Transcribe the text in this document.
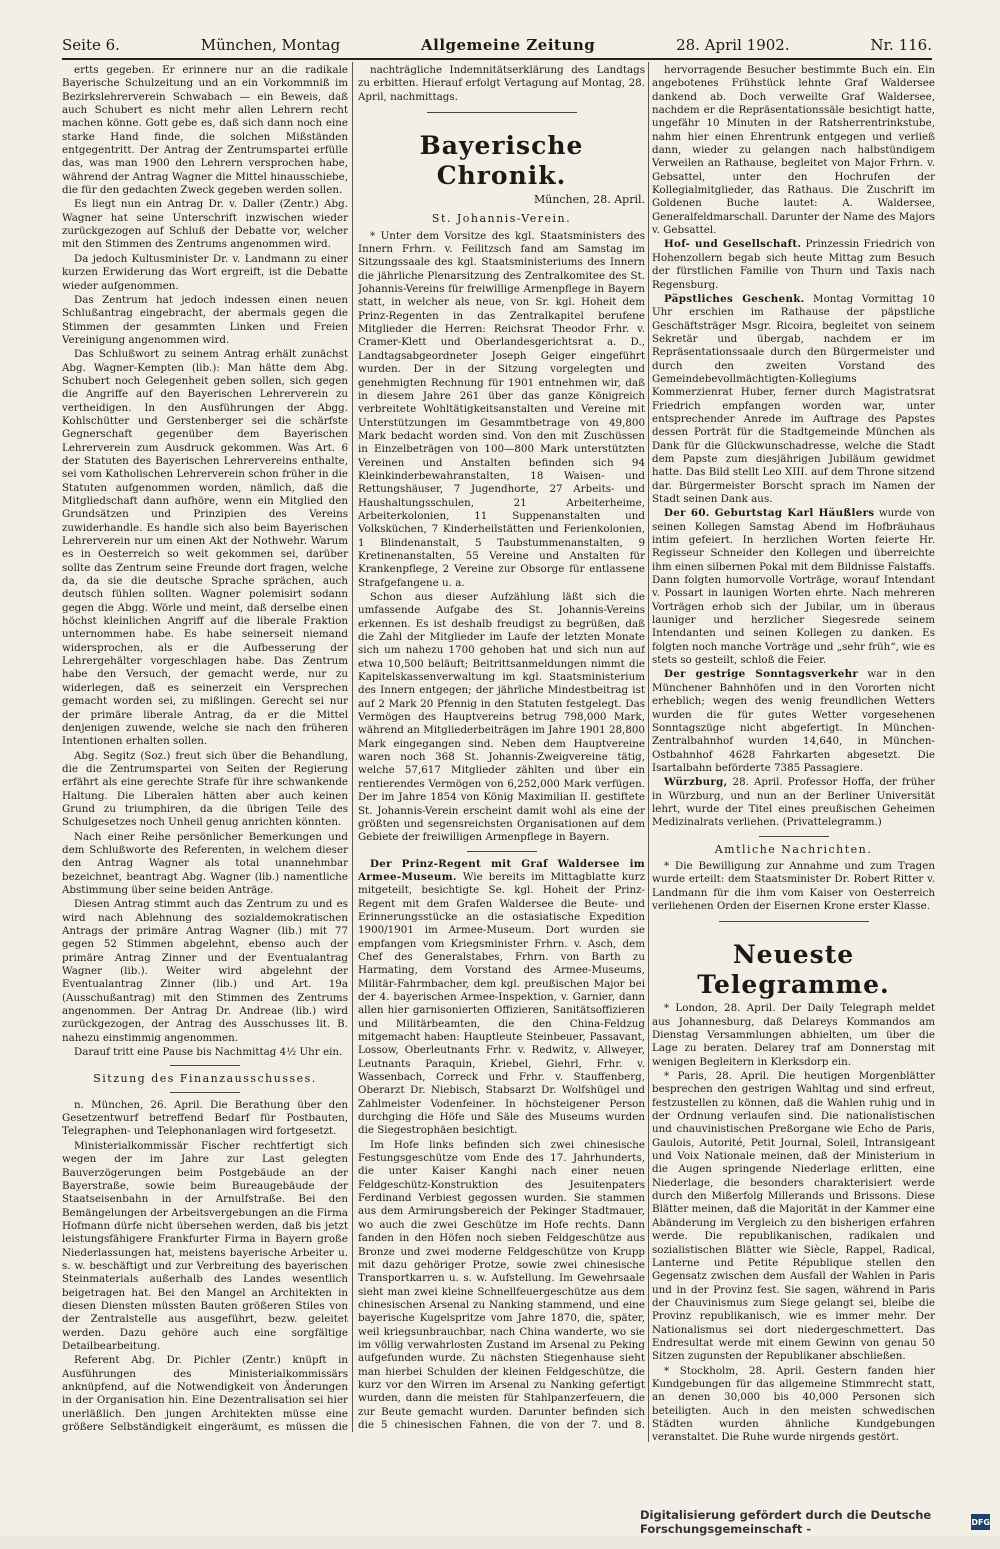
Seite 6.	München, Montag	Allgemeine Zeitung	28. April 1902.	Nr. 116.

ertts gegeben. Er erinnere nur an die radikale Bayerische Schulzeitung und an ein Vorkommniß im Bezirkslehrerverein Schwabach — ein Beweis, daß auch Schubert es nicht mehr allen Lehrern recht machen könne. Gott gebe es, daß sich dann noch eine starke Hand finde, die solchen Mißständen entgegentritt. Der Antrag der Zentrumspartei erfülle das, was man 1900 den Lehrern versprochen habe, während der Antrag Wagner die Mittel hinausschiebe, die für den gedachten Zweck gegeben werden sollen.

Es liegt nun ein Antrag Dr. v. Daller (Zentr.) Abg. Wagner hat seine Unterschrift inzwischen wieder zurückgezogen auf Schluß der Debatte vor, welcher mit den Stimmen des Zentrums angenommen wird.

Da jedoch Kultusminister Dr. v. Landmann zu einer kurzen Erwiderung das Wort ergreift, ist die Debatte wieder aufgenommen.

Das Zentrum hat jedoch indessen einen neuen Schlußantrag eingebracht, der abermals gegen die Stimmen der gesammten Linken und Freien Vereinigung angenommen wird.

Das Schlußwort zu seinem Antrag erhält zunächst Abg. Wagner-Kempten (lib.): Man hätte dem Abg. Schubert noch Gelegenheit geben sollen, sich gegen die Angriffe auf den Bayerischen Lehrerverein zu vertheidigen. In den Ausführungen der Abgg. Kohlschütter und Gerstenberger sei die schärfste Gegnerschaft gegenüber dem Bayerischen Lehrerverein zum Ausdruck gekommen. Was Art. 6 der Statuten des Bayerischen Lehrervereins enthalte, sei vom Katholischen Lehrerverein schon früher in die Statuten aufgenommen worden, nämlich, daß die Mitgliedschaft dann aufhöre, wenn ein Mitglied den Grundsätzen und Prinzipien des Vereins zuwiderhandle. Es handle sich also beim Bayerischen Lehrerverein nur um einen Akt der Nothwehr. Warum es in Oesterreich so weit gekommen sei, darüber sollte das Zentrum seine Freunde dort fragen, welche da, da sie die deutsche Sprache sprächen, auch deutsch fühlen sollten. Wagner polemisirt sodann gegen die Abgg. Wörle und meint, daß derselbe einen höchst kleinlichen Angriff auf die liberale Fraktion unternommen habe. Es habe seinerseit niemand widersprochen, als er die Aufbesserung der Lehrergehälter vorgeschlagen habe. Das Zentrum habe den Versuch, der gemacht werde, nur zu widerlegen, daß es seinerzeit ein Versprechen gemacht worden sei, zu mißlingen. Gerecht sei nur der primäre liberale Antrag, da er die Mittel denjenigen zuwende, welche sie nach den früheren Intentionen erhalten sollen.

Abg. Segitz (Soz.) freut sich über die Behandlung, die die Zentrumspartei von Seiten der Regierung erfährt als eine gerechte Strafe für ihre schwankende Haltung. Die Liberalen hätten aber auch keinen Grund zu triumphiren, da die übrigen Teile des Schulgesetzes noch Unheil genug anrichten könnten.

Nach einer Reihe persönlicher Bemerkungen und dem Schlußworte des Referenten, in welchem dieser den Antrag Wagner als total unannehmbar bezeichnet, beantragt Abg. Wagner (lib.) namentliche Abstimmung über seine beiden Anträge.

Diesen Antrag stimmt auch das Zentrum zu und es wird nach Ablehnung des sozialdemokratischen Antrags der primäre Antrag Wagner (lib.) mit 77 gegen 52 Stimmen abgelehnt, ebenso auch der primäre Antrag Zinner und der Eventualantrag Wagner (lib.). Weiter wird abgelehnt der Eventualantrag Zinner (lib.) und Art. 19a (Ausschußantrag) mit den Stimmen des Zentrums angenommen. Der Antrag Dr. Andreae (lib.) wird zurückgezogen, der Antrag des Ausschusses lit. B. nahezu einstimmig angenommen.

Darauf tritt eine Pause bis Nachmittag 4½ Uhr ein.

Sitzung des Finanzausschusses.

n. München, 26. April. Die Berathung über den Gesetzentwurf betreffend Bedarf für Postbauten, Telegraphen- und Telephonanlagen wird fortgesetzt.

Ministerialkommissär Fischer rechtfertigt sich wegen der im Jahre zur Last gelegten Bauverzögerungen beim Postgebäude an der Bayerstraße, sowie beim Bureaugebäude der Staatseisenbahn in der Arnulfstraße. Bei den Bemängelungen der Arbeitsvergebungen an die Firma Hofmann dürfe nicht übersehen werden, daß bis jetzt leistungsfähigere Frankfurter Firma in Bayern große Niederlassungen hat, meistens bayerische Arbeiter u. s. w. beschäftigt und zur Verbreitung des bayerischen Steinmaterials außerhalb des Landes wesentlich beigetragen hat. Bei den Mangel an Architekten in diesen Diensten müssten Bauten größeren Stiles von der Zentralstelle aus ausgeführt, bezw. geleitet werden. Dazu gehöre auch eine sorgfältige Detailbearbeitung.

Referent Abg. Dr. Pichler (Zentr.) knüpft in Ausführungen des Ministerialkommissärs anknüpfend, auf die Notwendigkeit von Änderungen in der Organisation hin. Eine Dezentralisation sei hier unerläßlich. Den jungen Architekten müsse eine größere Selbständigkeit eingeräumt, es müssen die

nachträgliche Indemnitätserklärung des Landtags zu erbitten. Hierauf erfolgt Vertagung auf Montag, 28. April, nachmittags.

Bayerische Chronik.
München, 28. April.
St. Johannis-Verein.

* Unter dem Vorsitze des kgl. Staatsministers des Innern Frhrn. v. Feilitzsch fand am Samstag im Sitzungssaale des kgl. Staatsministeriums des Innern die jährliche Plenarsitzung des Zentralkomitee des St. Johannis-Vereins für freiwillige Armenpflege in Bayern statt, in welcher als neue, von Sr. kgl. Hoheit dem Prinz-Regenten in das Zentralkapitel berufene Mitglieder die Herren: Reichsrat Theodor Frhr. v. Cramer-Klett und Oberlandesgerichtsrat a. D., Landtagsabgeordneter Joseph Geiger eingeführt wurden. Der in der Sitzung vorgelegten und genehmigten Rechnung für 1901 entnehmen wir, daß in diesem Jahre 261 über das ganze Königreich verbreitete Wohltätigkeitsanstalten und Vereine mit Unterstützungen im Gesammtbetrage von 49,800 Mark bedacht worden sind. Von den mit Zuschüssen in Einzelbeträgen von 100—800 Mark unterstützten Vereinen und Anstalten befinden sich 94 Kleinkinderbewahranstalten, 18 Waisen- und Rettungshäuser, 7 Jugendhorte, 27 Arbeits- und Haushaltungsschulen, 21 Arbeiterheime, Arbeiterkolonien, 11 Suppenanstalten und Volksküchen, 7 Kinderheilstätten und Ferienkolonien, 1 Blindenanstalt, 5 Taubstummenanstalten, 9 Kretinenanstalten, 55 Vereine und Anstalten für Krankenpflege, 2 Vereine zur Obsorge für entlassene Strafgefangene u. a.

Schon aus dieser Aufzählung läßt sich die umfassende Aufgabe des St. Johannis-Vereins erkennen. Es ist deshalb freudigst zu begrüßen, daß die Zahl der Mitglieder im Laufe der letzten Monate sich um nahezu 1700 gehoben hat und sich nun auf etwa 10,500 beläuft; Beitrittsanmeldungen nimmt die Kapitelskassenverwaltung im kgl. Staatsministerium des Innern entgegen; der jährliche Mindestbeitrag ist auf 2 Mark 20 Pfennig in den Statuten festgelegt. Das Vermögen des Hauptvereins betrug 798,000 Mark, während an Mitgliederbeiträgen im Jahre 1901 28,800 Mark eingegangen sind. Neben dem Hauptvereine waren noch 368 St. Johannis-Zweigvereine tätig, welche 57,617 Mitglieder zählten und über ein rentierendes Vermögen von 6,252,000 Mark verfügen. Der im Jahre 1854 von König Maximilian II. gestiftete St. Johannis-Verein erscheint damit wohl als eine der größten und segensreichsten Organisationen auf dem Gebiete der freiwilligen Armenpflege in Bayern.

Der Prinz-Regent mit Graf Waldersee im Armee-Museum. Wie bereits im Mittagblatte kurz mitgeteilt, besichtigte Se. kgl. Hoheit der Prinz-Regent mit dem Grafen Waldersee die Beute- und Erinnerungsstücke an die ostasiatische Expedition 1900/1901 im Armee-Museum. Dort wurden sie empfangen vom Kriegsminister Frhrn. v. Asch, dem Chef des Generalstabes, Frhrn. von Barth zu Harmating, dem Vorstand des Armee-Museums, Militär-Fahrmbacher, dem kgl. preußischen Major bei der 4. bayerischen Armee-Inspektion, v. Garnier, dann allen hier garnisonierten Offizieren, Sanitätsoffizieren und Militärbeamten, die den China-Feldzug mitgemacht haben: Hauptleute Steinbeuer, Passavant, Lossow, Oberleutnants Frhr. v. Redwitz, v. Allweyer, Leutnants Paraquin, Kriebel, Giehrl, Frhr. v. Wassenbach, Correck und Frhr. v. Stauffenberg, Oberarzt Dr. Niebisch, Stabsarzt Dr. Wolfshügel und Zahlmeister Vodenfeiner. In höchsteigener Person durchging die Höfe und Säle des Museums wurden die Siegestrophäen besichtigt.

Im Hofe links befinden sich zwei chinesische Festungsgeschütze vom Ende des 17. Jahrhunderts, die unter Kaiser Kanghi nach einer neuen Feldgeschütz-Konstruktion des Jesuitenpaters Ferdinand Verbiest gegossen wurden. Sie stammen aus dem Armirungsbereich der Pekinger Stadtmauer, wo auch die zwei Geschütze im Hofe rechts. Dann fanden in den Höfen noch sieben Feldgeschütze aus Bronze und zwei moderne Feldgeschütze von Krupp mit dazu gehöriger Protze, sowie zwei chinesische Transportkarren u. s. w. Aufstellung. Im Gewehrsaale sieht man zwei kleine Schnellfeuergeschütze aus dem chinesischen Arsenal zu Nanking stammend, und eine bayerische Kugelspritze vom Jahre 1870, die, später, weil kriegsunbrauchbar, nach China wanderte, wo sie im völlig verwahrlosten Zustand im Arsenal zu Peking aufgefunden wurde. Zu nächsten Stiegenhause sieht man hierbei Schulden der kleinen Feldgeschütze, die kurz vor den Wirren im Arsenal zu Nanking gefertigt wurden, dann die meisten für Stahlpanzerfeuern, die zur Beute gemacht wurden. Darunter befinden sich die 5 chinesischen Fahnen, die von der 7. und 8.

hervorragende Besucher bestimmte Buch ein. Ein angebotenes Frühstück lehnte Graf Waldersee dankend ab. Doch verweilte Graf Waldersee, nachdem er die Repräsentationssäle besichtigt hatte, ungefähr 10 Minuten in der Ratsherrentrinkstube, nahm hier einen Ehrentrunk entgegen und verließ dann, wieder zu gelangen nach halbstündigem Verweilen an Rathause, begleitet von Major Frhrn. v. Gebsattel, unter den Hochrufen der Kollegialmitglieder, das Rathaus. Die Zuschrift im Goldenen Buche lautet: A. Waldersee, Generalfeldmarschall. Darunter der Name des Majors v. Gebsattel.

Hof- und Gesellschaft. Prinzessin Friedrich von Hohenzollern begab sich heute Mittag zum Besuch der fürstlichen Familie von Thurn und Taxis nach Regensburg.

Päpstliches Geschenk. Montag Vormittag 10 Uhr erschien im Rathause der päpstliche Geschäftsträger Msgr. Ricoira, begleitet von seinem Sekretär und übergab, nachdem er im Repräsentationssaale durch den Bürgermeister und durch den zweiten Vorstand des Gemeindebevollmächtigten-Kollegiums Kommerzienrat Huber, ferner durch Magistratsrat Friedrich empfangen worden war, unter entsprechender Anrede im Auftrage des Papstes dessen Porträt für die Stadtgemeinde München als Dank für die Glückwunschadresse, welche die Stadt dem Papste zum diesjährigen Jubiläum gewidmet hatte. Das Bild stellt Leo XIII. auf dem Throne sitzend dar. Bürgermeister Borscht sprach im Namen der Stadt seinen Dank aus.

Der 60. Geburtstag Karl Häußlers wurde von seinen Kollegen Samstag Abend im Hofbräuhaus intim gefeiert. In herzlichen Worten feierte Hr. Regisseur Schneider den Kollegen und überreichte ihm einen silbernen Pokal mit dem Bildnisse Falstaffs. Dann folgten humorvolle Vorträge, worauf Intendant v. Possart in launigen Worten ehrte. Nach mehreren Vorträgen erhob sich der Jubilar, um in überaus launiger und herzlicher Siegesrede seinem Intendanten und seinen Kollegen zu danken. Es folgten noch manche Vorträge und „sehr früh“, wie es stets so gesteilt, schloß die Feier.

Der gestrige Sonntagsverkehr war in den Münchener Bahnhöfen und in den Vororten nicht erheblich; wegen des wenig freundlichen Wetters wurden die für gutes Wetter vorgesehenen Sonntagszüge nicht abgefertigt. In München-Zentralbahnhof wurden 14,640, in München-Ostbahnhof 4628 Fahrkarten abgesetzt. Die Isartalbahn beförderte 7385 Passagiere.

Würzburg, 28. April. Professor Hoffa, der früher in Würzburg, und nun an der Berliner Universität lehrt, wurde der Titel eines preußischen Geheimen Medizinalrats verliehen. (Privattelegramm.)

Amtliche Nachrichten.

* Die Bewilligung zur Annahme und zum Tragen wurde erteilt: dem Staatsminister Dr. Robert Ritter v. Landmann für die ihm vom Kaiser von Oesterreich verliehenen Orden der Eisernen Krone erster Klasse.

Neueste Telegramme.

* London, 28. April. Der Daily Telegraph meldet aus Johannesburg, daß Delareys Kommandos am Dienstag Versammlungen abhielten, um über die Lage zu beraten. Delarey traf am Donnerstag mit wenigen Begleitern in Klerksdorp ein.

* Paris, 28. April. Die heutigen Morgenblätter besprechen den gestrigen Wahltag und sind erfreut, festzustellen zu können, daß die Wahlen ruhig und in der Ordnung verlaufen sind. Die nationalistischen und chauvinistischen Preßorgane wie Echo de Paris, Gaulois, Autorité, Petit Journal, Soleil, Intransigeant und Voix Nationale meinen, daß der Ministerium in die Augen springende Niederlage erlitten, eine Niederlage, die besonders charakterisiert werde durch den Mißerfolg Millerands und Brissons. Diese Blätter meinen, daß die Majorität in der Kammer eine Abänderung im Vergleich zu den bisherigen erfahren werde. Die republikanischen, radikalen und sozialistischen Blätter wie Siècle, Rappel, Radical, Lanterne und Petite République stellen den Gegensatz zwischen dem Ausfall der Wahlen in Paris und in der Provinz fest. Sie sagen, während in Paris der Chauvinismus zum Siege gelangt sei, bleibe die Provinz republikanisch, wie es immer mehr. Der Nationalismus sei dort niedergeschmettert. Das Endresultat werde mit einem Gewinn von genau 50 Sitzen zugunsten der Republikaner abschließen.

* Stockholm, 28. April. Gestern fanden hier Kundgebungen für das allgemeine Stimmrecht statt, an denen 30,000 bis 40,000 Personen sich beteiligten. Auch in den meisten schwedischen Städten wurden ähnliche Kundgebungen veranstaltet. Die Ruhe wurde nirgends gestört.

Digitalisierung gefördert durch die Deutsche Forschungsgemeinschaft -	DFG
